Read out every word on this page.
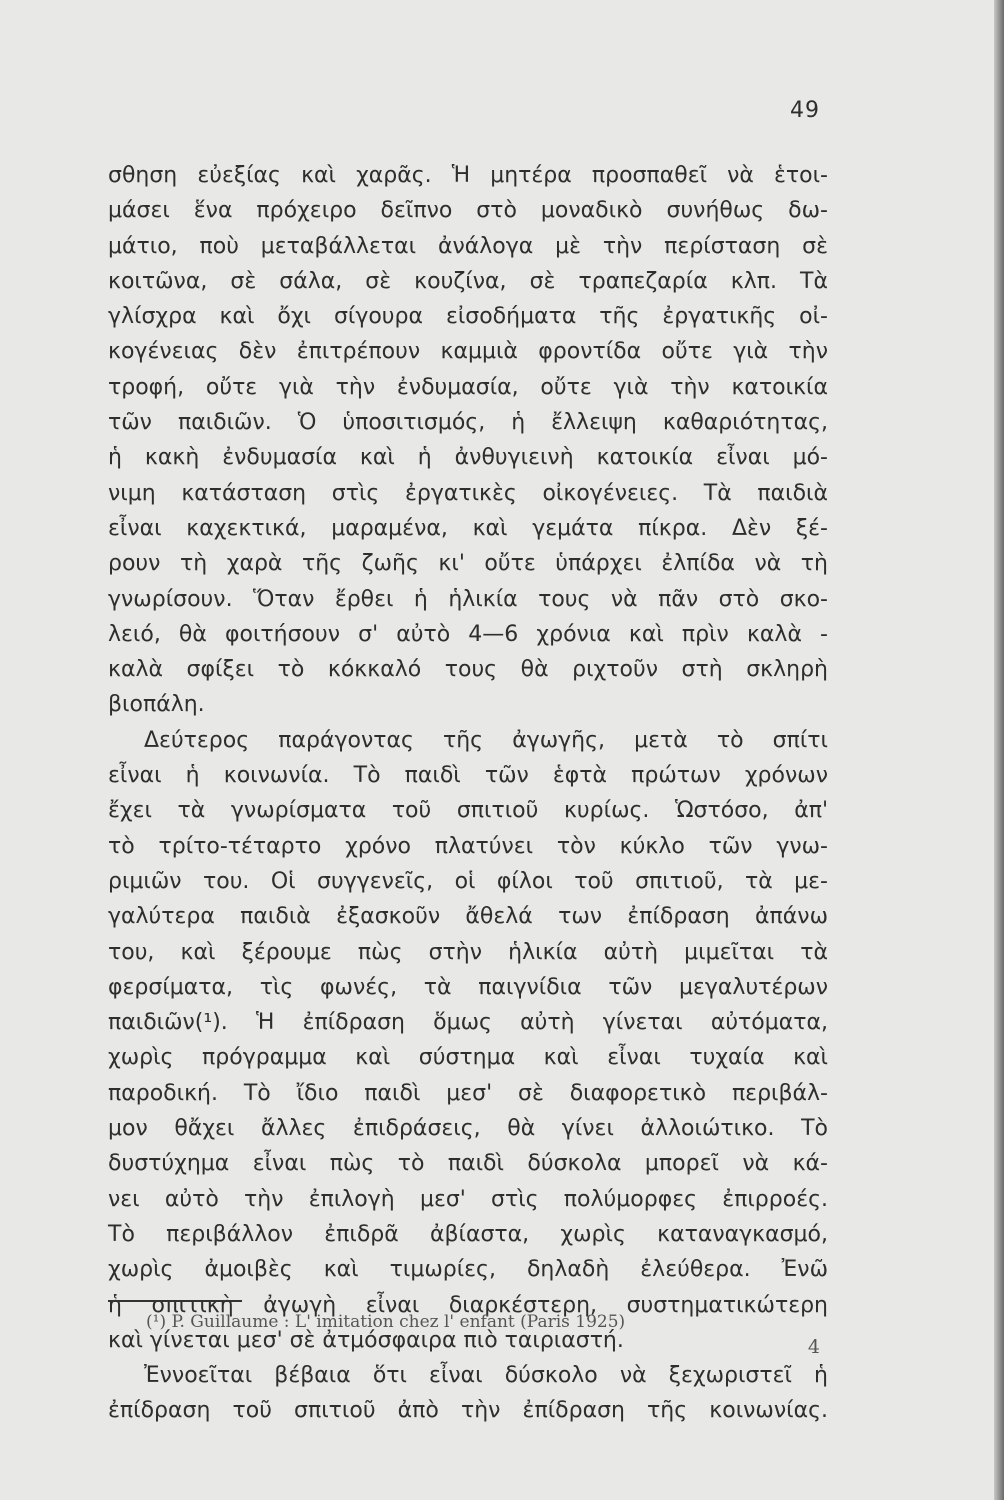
49
σθηση εὐεξίας καὶ χαρᾶς. Ἡ μητέρα προσπαθεῖ νὰ ἑτοι-
μάσει ἕνα πρόχειρο δεῖπνο στὸ μοναδικὸ συνήθως δω-
μάτιο, ποὺ μεταβάλλεται ἀνάλογα μὲ τὴν περίσταση σὲ
κοιτῶνα, σὲ σάλα, σὲ κουζίνα, σὲ τραπεζαρία κλπ. Τὰ
γλίσχρα καὶ ὄχι σίγουρα εἰσοδήματα τῆς ἐργατικῆς οἰ-
κογένειας δὲν ἐπιτρέπουν καμμιὰ φροντίδα οὔτε γιὰ τὴν
τροφή, οὔτε γιὰ τὴν ἐνδυμασία, οὔτε γιὰ τὴν κατοικία
τῶν παιδιῶν. Ὁ ὑποσιτισμός, ἡ ἔλλειψη καθαριότητας,
ἡ κακὴ ἐνδυμασία καὶ ἡ ἀνθυγιεινὴ κατοικία εἶναι μό-
νιμη κατάσταση στὶς ἐργατικὲς οἰκογένειες. Τὰ παιδιὰ
εἶναι καχεκτικά, μαραμένα, καὶ γεμάτα πίκρα. Δὲν ξέ-
ρουν τὴ χαρὰ τῆς ζωῆς κι' οὔτε ὑπάρχει ἐλπίδα νὰ τὴ
γνωρίσουν. Ὅταν ἔρθει ἡ ἡλικία τους νὰ πᾶν στὸ σκο-
λειό, θὰ φοιτήσουν σ' αὐτὸ 4—6 χρόνια καὶ πρὶν καλὰ -
καλὰ σφίξει τὸ κόκκαλό τους θὰ ριχτοῦν στὴ σκληρὴ
βιοπάλη.
Δεύτερος παράγοντας τῆς ἀγωγῆς, μετὰ τὸ σπίτι
εἶναι ἡ κοινωνία. Τὸ παιδὶ τῶν ἑφτὰ πρώτων χρόνων
ἔχει τὰ γνωρίσματα τοῦ σπιτιοῦ κυρίως. Ὡστόσο, ἀπ'
τὸ τρίτο-τέταρτο χρόνο πλατύνει τὸν κύκλο τῶν γνω-
ριμιῶν του. Οἱ συγγενεῖς, οἱ φίλοι τοῦ σπιτιοῦ, τὰ με-
γαλύτερα παιδιὰ ἐξασκοῦν ἄθελά των ἐπίδραση ἀπάνω
του, καὶ ξέρουμε πὼς στὴν ἡλικία αὐτὴ μιμεῖται τὰ
φερσίματα, τὶς φωνές, τὰ παιγνίδια τῶν μεγαλυτέρων
παιδιῶν(¹). Ἡ ἐπίδραση ὅμως αὐτὴ γίνεται αὐτόματα,
χωρὶς πρόγραμμα καὶ σύστημα καὶ εἶναι τυχαία καὶ
παροδική. Τὸ ἴδιο παιδὶ μεσ' σὲ διαφορετικὸ περιβάλ-
μον θἄχει ἄλλες ἐπιδράσεις, θὰ γίνει ἀλλοιώτικο. Τὸ
δυστύχημα εἶναι πὼς τὸ παιδὶ δύσκολα μπορεῖ νὰ κά-
νει αὐτὸ τὴν ἐπιλογὴ μεσ' στὶς πολύμορφες ἐπιρροές.
Τὸ περιβάλλον ἐπιδρᾶ ἀβίαστα, χωρὶς καταναγκασμό,
χωρὶς ἀμοιβὲς καὶ τιμωρίες, δηλαδὴ ἐλεύθερα. Ἐνῶ
ἡ σπιτικὴ ἀγωγὴ εἶναι διαρκέστερη, συστηματικώτερη
καὶ γίνεται μεσ' σὲ ἀτμόσφαιρα πιὸ ταιριαστή.
Ἐννοεῖται βέβαια ὅτι εἶναι δύσκολο νὰ ξεχωριστεῖ ἡ
ἐπίδραση τοῦ σπιτιοῦ ἀπὸ τὴν ἐπίδραση τῆς κοινωνίας.
(¹) P. Guillaume : L' imitation chez l' enfant (Paris 1925)
4
